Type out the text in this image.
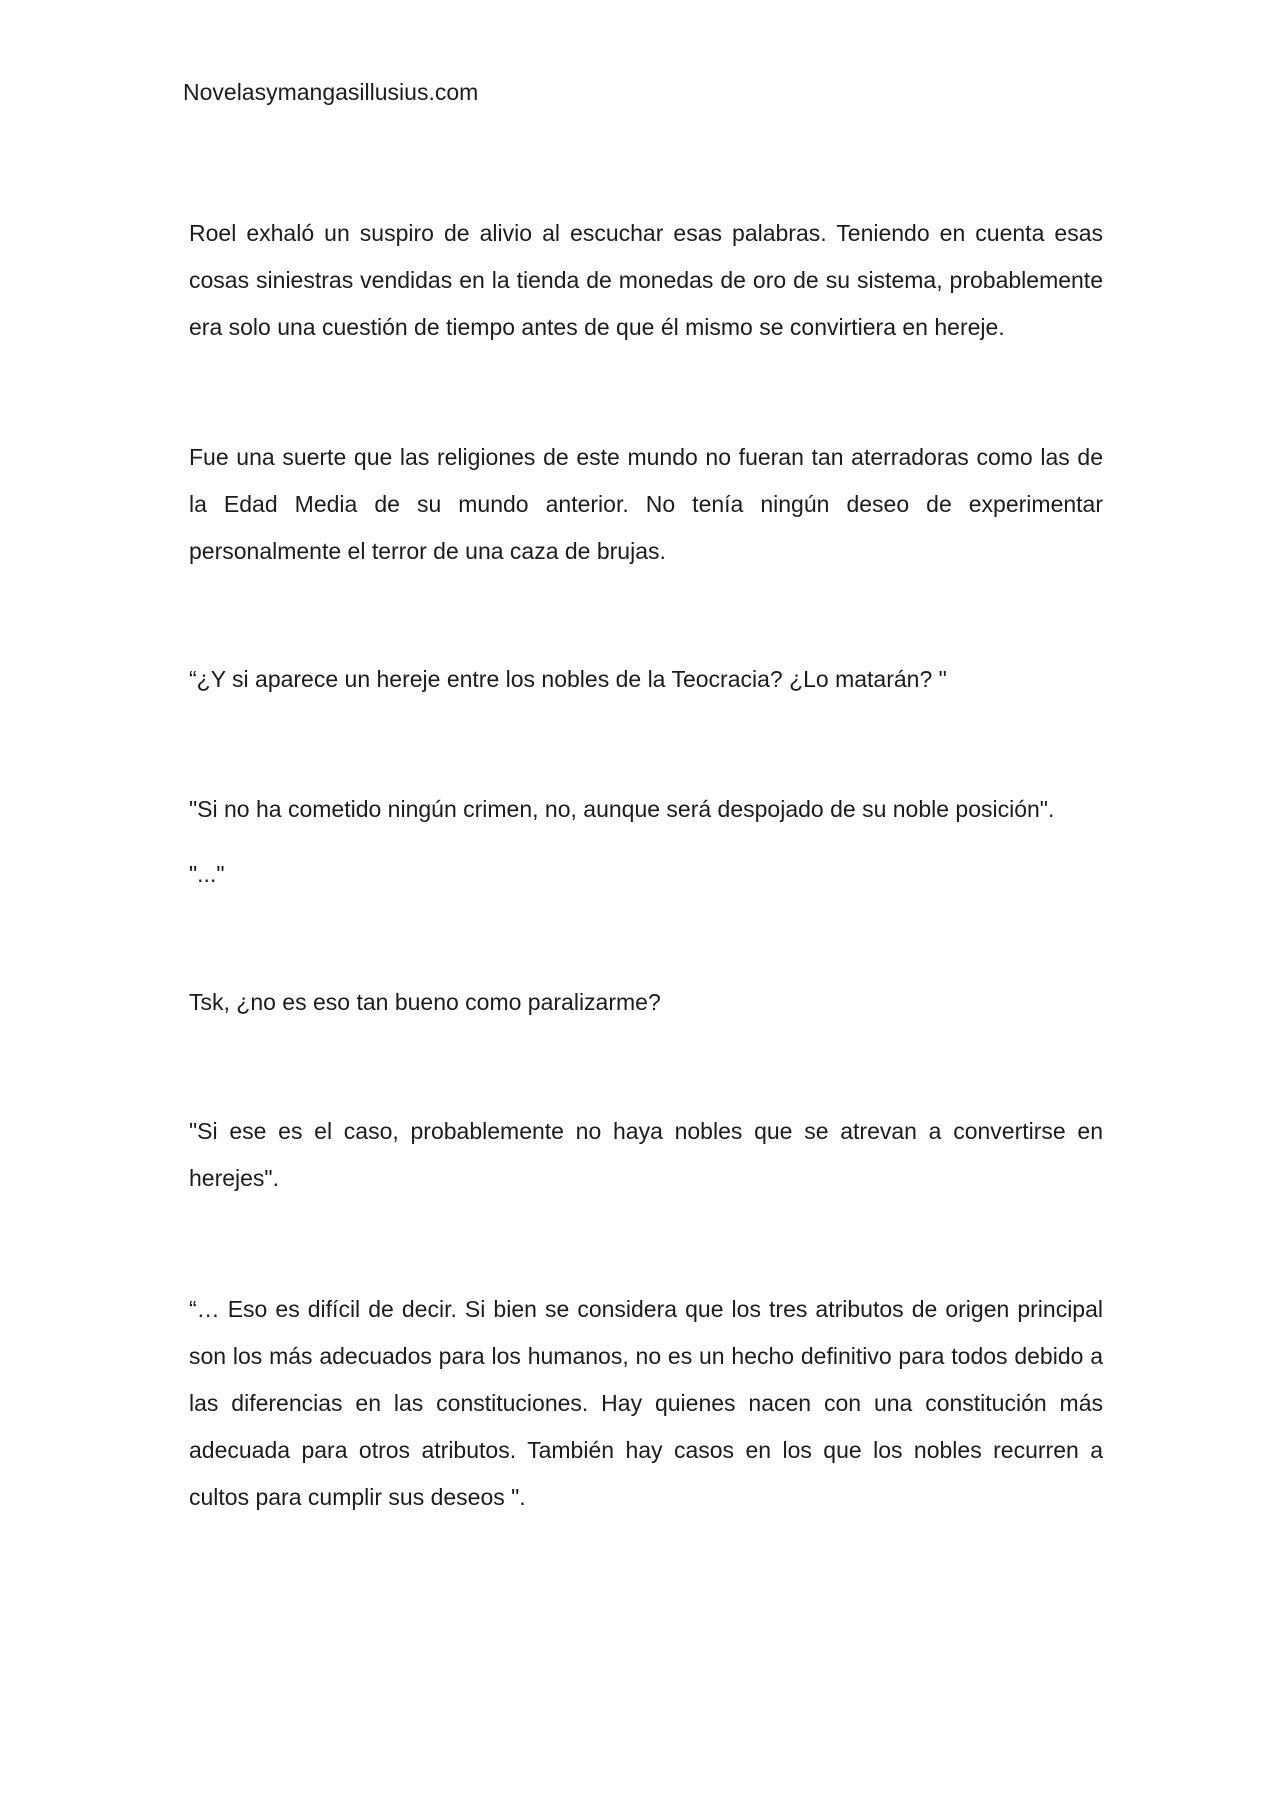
Novelasymangasillusius.com

Roel exhaló un suspiro de alivio al escuchar esas palabras. Teniendo en cuenta esas cosas siniestras vendidas en la tienda de monedas de oro de su sistema, probablemente era solo una cuestión de tiempo antes de que él mismo se convirtiera en hereje.

Fue una suerte que las religiones de este mundo no fueran tan aterradoras como las de la Edad Media de su mundo anterior. No tenía ningún deseo de experimentar personalmente el terror de una caza de brujas.

“¿Y si aparece un hereje entre los nobles de la Teocracia? ¿Lo matarán? "

"Si no ha cometido ningún crimen, no, aunque será despojado de su noble posición".

"..."

Tsk, ¿no es eso tan bueno como paralizarme?

"Si ese es el caso, probablemente no haya nobles que se atrevan a convertirse en herejes".

“… Eso es difícil de decir. Si bien se considera que los tres atributos de origen principal son los más adecuados para los humanos, no es un hecho definitivo para todos debido a las diferencias en las constituciones. Hay quienes nacen con una constitución más adecuada para otros atributos. También hay casos en los que los nobles recurren a cultos para cumplir sus deseos ".
